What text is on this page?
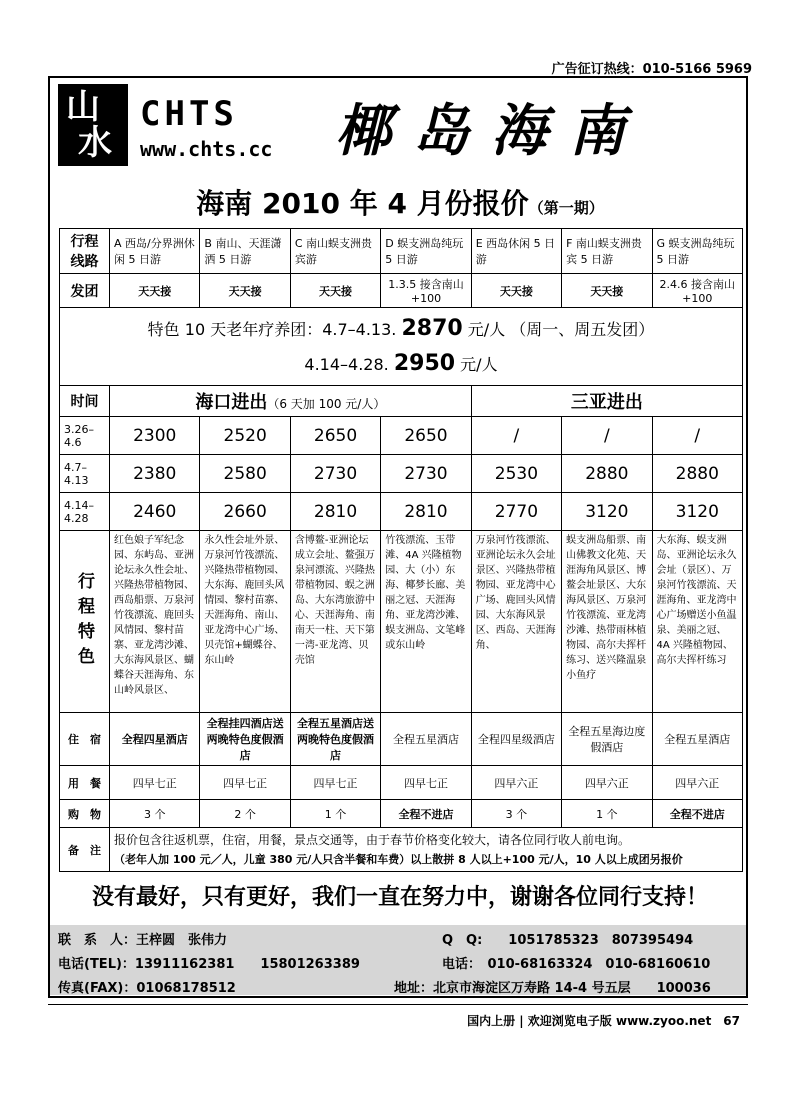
广告征订热线：010-5166 5969
山
水
CHTS
www.chts.cc 椰岛海南
海南 2010 年 4 月份报价（第一期）
行程线路	A 西岛/分界洲休闲 5 日游	B 南山、天涯潇洒 5 日游	C 南山蜈支洲贵宾游	D 蜈支洲岛纯玩 5 日游	E 西岛休闲 5 日游	F 南山蜈支洲贵宾 5 日游	G 蜈支洲岛纯玩 5 日游
发团	天天接	天天接	天天接	1.3.5 接含南山+100	天天接	天天接	2.4.6 接含南山+100

特色 10 天老年疗养团：4.7–4.13. 2870 元/人 （周一、周五发团）
4.14–4.28. 2950 元/人							

时间	海口进出（6 天加 100 元/人）				三亚进出		
3.26–4.6	2300	2520	2650	2650	/	/	/
4.7–4.13	2380	2580	2730	2730	2530	2880	2880
4.14–4.28	2460	2660	2810	2810	2770	3120	3120
行程特色	红色娘子军纪念园、东屿岛、亚洲论坛永久性会址、兴隆热带植物园、西岛船票、万泉河竹筏漂流、鹿回头风情园、黎村苗寨、亚龙湾沙滩、大东海风景区、蝴蝶谷天涯海角、东山岭风景区、	永久性会址外景、万泉河竹筏漂流、兴隆热带植物园、大东海、鹿回头风情园、黎村苗寨、天涯海角、南山、亚龙湾中心广场、贝壳馆+蝴蝶谷、东山岭	含博鳌-亚洲论坛成立会址、鳌强万泉河漂流、兴隆热带植物园、蜈之洲岛、大东湾旅游中心、天涯海角、南南天一柱、天下第一湾-亚龙湾、贝壳馆	竹筏漂流、玉带滩、4A 兴隆植物园、大（小）东海、椰梦长廊、美丽之冠、天涯海角、亚龙湾沙滩、蜈支洲岛、文笔峰或东山岭	万泉河竹筏漂流、亚洲论坛永久会址景区、兴隆热带植物园、亚龙湾中心广场、鹿回头风情园、大东海风景区、西岛、天涯海角、	蜈支洲岛船票、南山佛教文化苑、天涯海角风景区、博鳌会址景区、大东海风景区、万泉河竹筏漂流、亚龙湾沙滩、热带雨林植物园、高尔夫挥杆练习、送兴隆温泉小鱼疗	大东海、蜈支洲岛、亚洲论坛永久会址（景区）、万泉河竹筏漂流、天涯海角、亚龙湾中心广场赠送小鱼温泉、美丽之冠、4A 兴隆植物园、高尔夫挥杆练习
住　宿	全程四星酒店	全程挂四酒店送两晚特色度假酒店	全程五星酒店送两晚特色度假酒店	全程五星酒店	全程四星级酒店	全程五星海边度假酒店	全程五星酒店
用　餐	四早七正	四早七正	四早七正	四早七正	四早六正	四早六正	四早六正
购　物	3 个	2 个	1 个	全程不进店	3 个	1 个	全程不进店
备　注	报价包含往返机票，住宿，用餐，景点交通等，由于春节价格变化较大，请各位同行收人前电询。
（老年人加 100 元／人，儿童 380 元/人只含半餐和车费）以上散拼 8 人以上+100 元/人，10 人以上成团另报价						
没有最好，只有更好，我们一直在努力中，谢谢各位同行支持！
联　系　人：王梓圆　张伟力	Q　Q:　　1051785323　807395494
电话(TEL)：13911162381　　15801263389	电话：　010-68163324　010-68160610
传真(FAX)：01068178512	地址：北京市海淀区万寿路 14-4 号五层　　100036
国内上册 | 欢迎浏览电子版 www.zyoo.net　67
